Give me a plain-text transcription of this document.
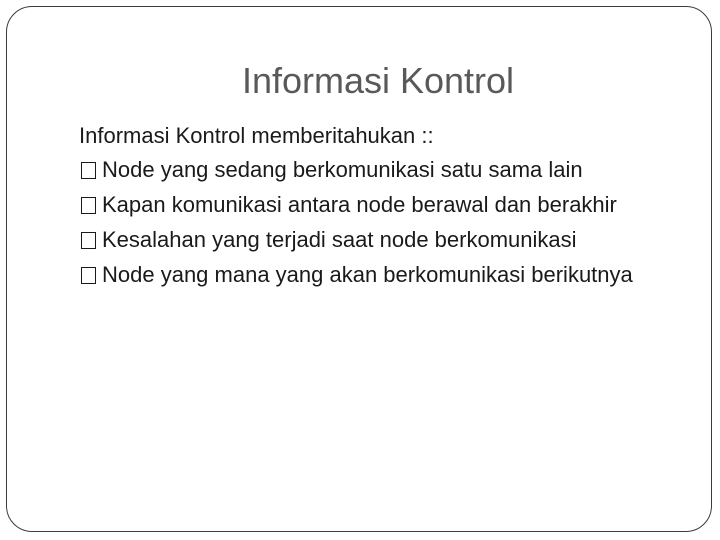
Informasi Kontrol
Informasi Kontrol memberitahukan ::
Node yang sedang berkomunikasi satu sama lain
Kapan komunikasi antara node berawal dan berakhir
Kesalahan yang terjadi saat node berkomunikasi
Node yang mana yang akan berkomunikasi berikutnya
